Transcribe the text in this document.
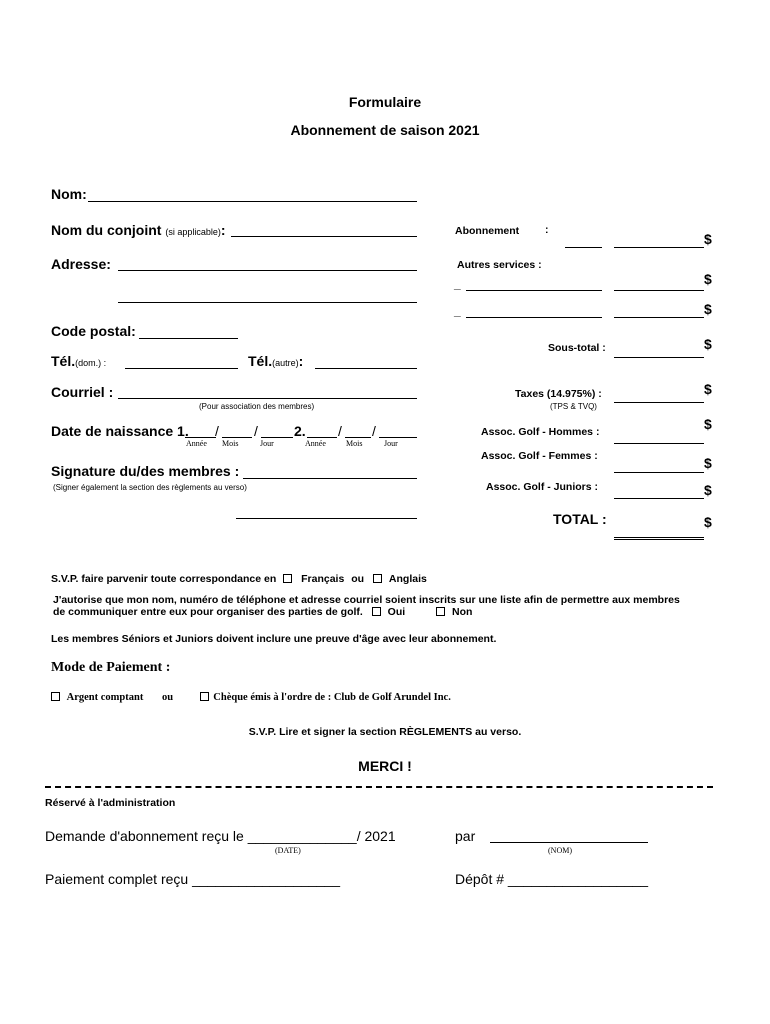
Formulaire
Abonnement de saison 2021
Nom:
Nom du conjoint (si applicable):
Adresse:
Code postal:
Tél.(dom.) :	Tél.(autre):
Courriel :
(Pour association des membres)
Date de naissance 1. /	/	2. / /
Année Mois	Jour	Année	Mois	Jour
Signature du/des membres :
(Signer également la section des règlements au verso)
Abonnement :
$
Autres services :
_	$
_	$
Sous-total :	$
Taxes (14.975%) :
(TPS & TVQ)
$
Assoc. Golf - Hommes :	$
Assoc. Golf - Femmes :	$
Assoc. Golf - Juniors :	$
TOTAL :	$
S.V.P. faire parvenir toute correspondance en Français ou Anglais
J'autorise que mon nom, numéro de téléphone et adresse courriel soient inscrits sur une liste afin de permettre aux membres
de communiquer entre eux pour organiser des parties de golf. Oui	Non
Les membres Séniors et Juniors doivent inclure une preuve d'âge avec leur abonnement.
Mode de Paiement :
Argent comptant ou	Chèque émis à l'ordre de : Club de Golf Arundel Inc.
S.V.P. Lire et signer la section RÈGLEMENTS au verso.
MERCI !
Réservé à l'administration
Demande d'abonnement reçu le ______________/ 2021
(DATE)
par
(NOM)
Paiement complet reçu ___________________	Dépôt # __________________
